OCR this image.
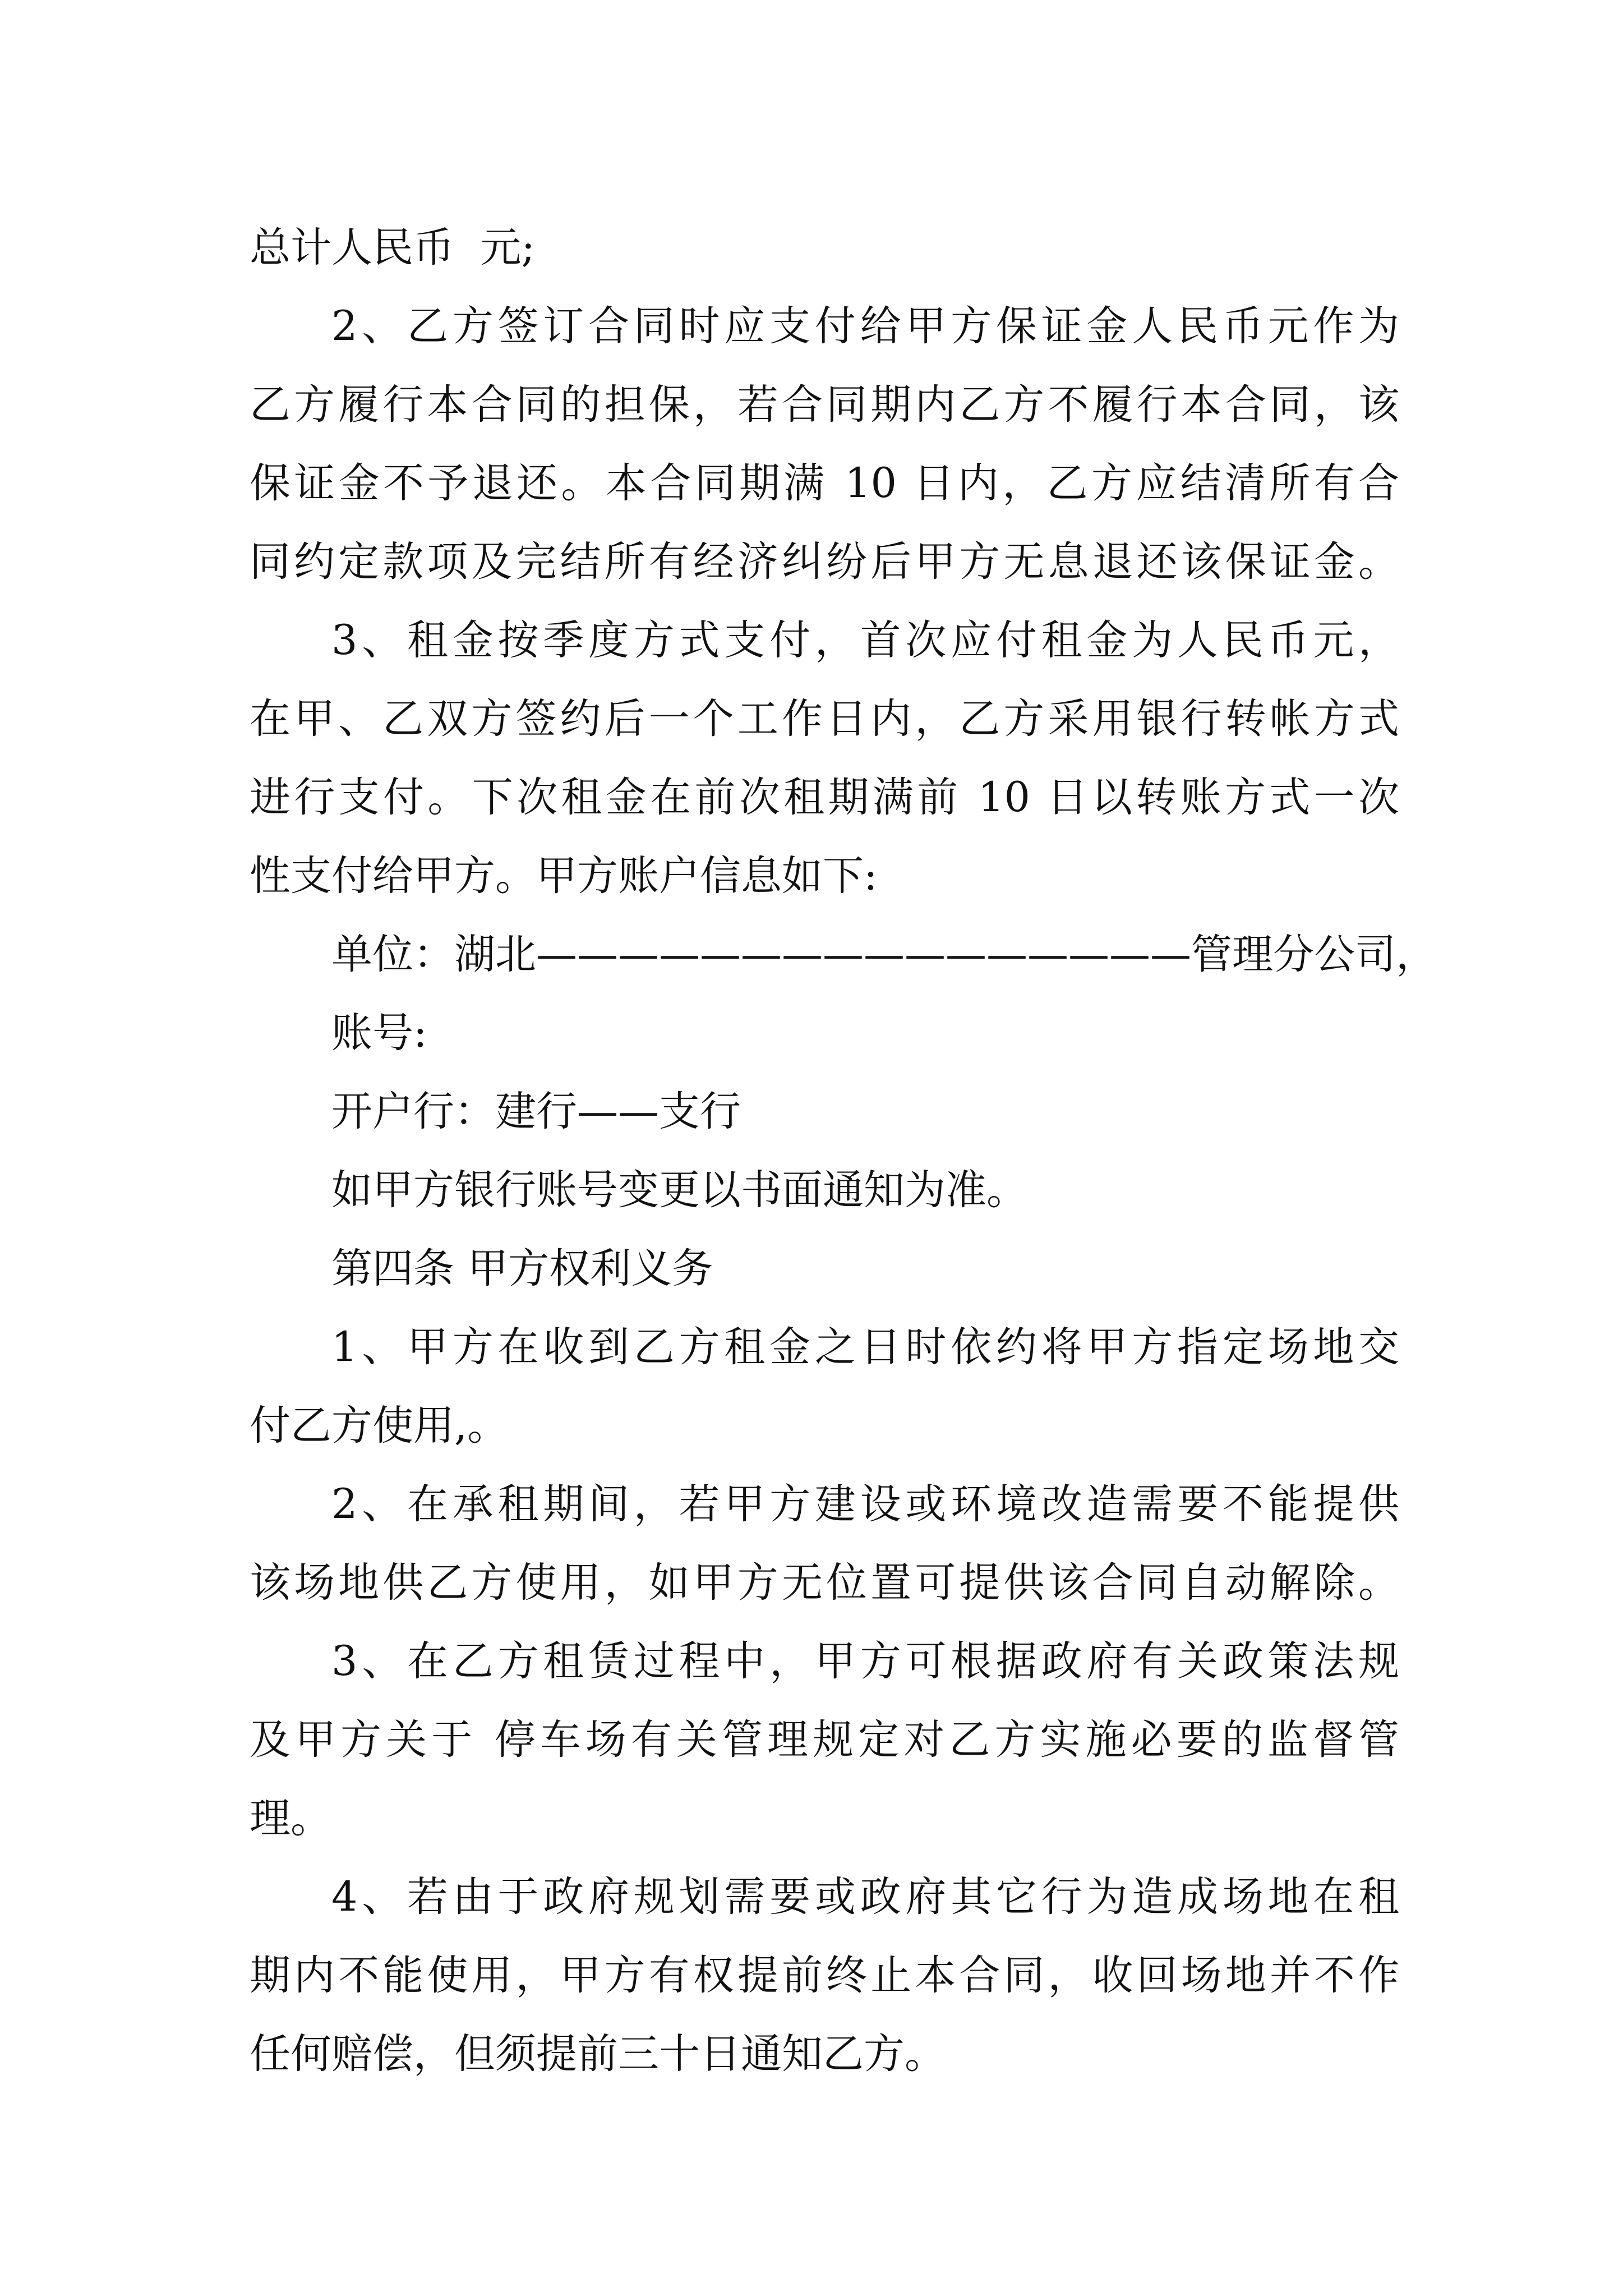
总计人民币  元;
2、乙方签订合同时应支付给甲方保证金人民币元作为
乙方履行本合同的担保，若合同期内乙方不履行本合同，该
保证金不予退还。本合同期满 10 日内，乙方应结清所有合
同约定款项及完结所有经济纠纷后甲方无息退还该保证金。
3、租金按季度方式支付，首次应付租金为人民币元，
在甲、乙双方签约后一个工作日内，乙方采用银行转帐方式
进行支付。下次租金在前次租期满前 10 日以转账方式一次
性支付给甲方。甲方账户信息如下:
单位：湖北————————————————管理分公司，
账号:
开户行：建行——支行
如甲方银行账号变更以书面通知为准。
第四条 甲方权利义务
1、甲方在收到乙方租金之日时依约将甲方指定场地交
付乙方使用,。
2、在承租期间，若甲方建设或环境改造需要不能提供
该场地供乙方使用，如甲方无位置可提供该合同自动解除。
3、在乙方租赁过程中，甲方可根据政府有关政策法规
及甲方关于 停车场有关管理规定对乙方实施必要的监督管
理。
4、若由于政府规划需要或政府其它行为造成场地在租
期内不能使用，甲方有权提前终止本合同，收回场地并不作
任何赔偿，但须提前三十日通知乙方。
